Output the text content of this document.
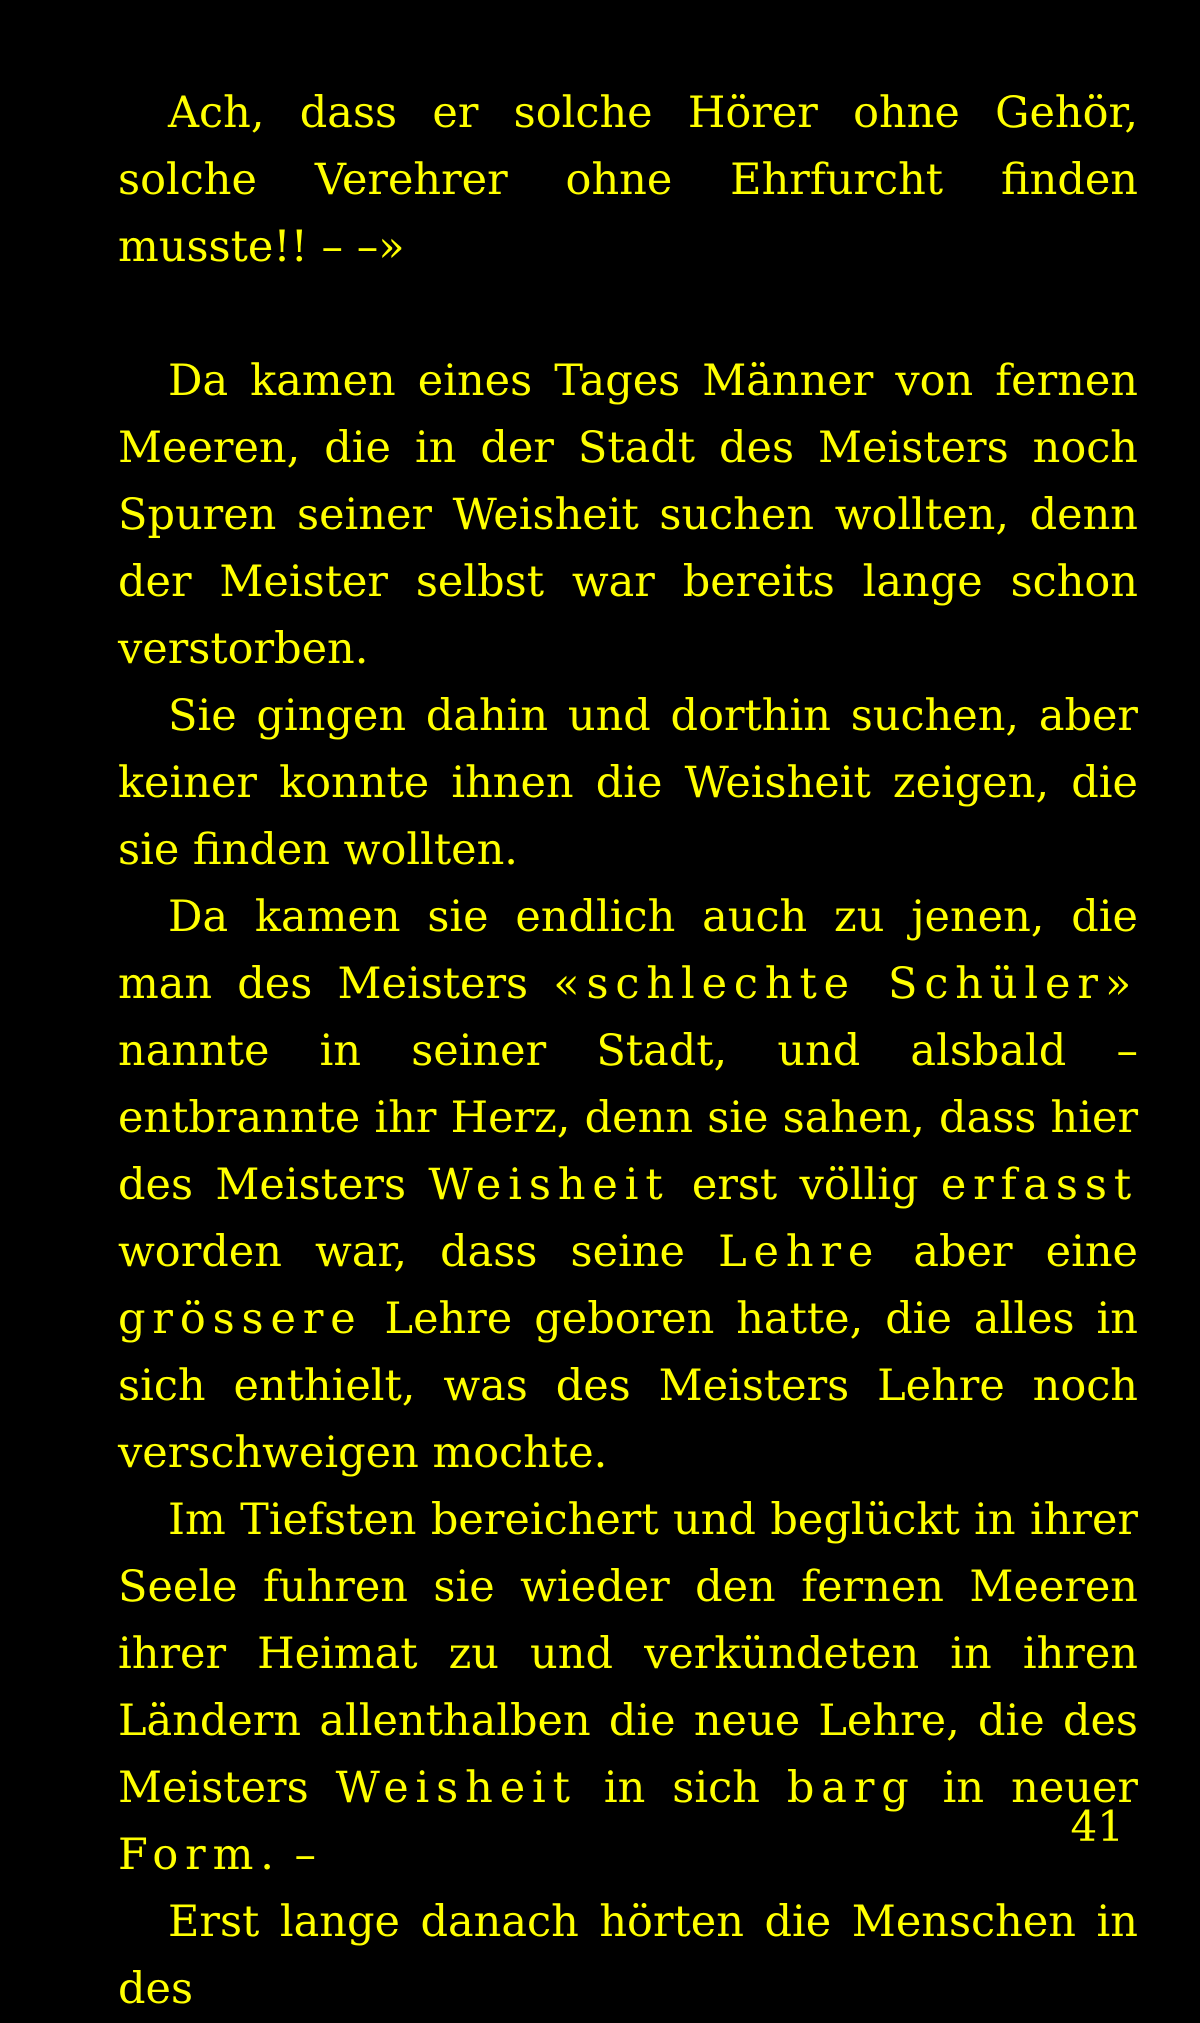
Ach, dass er solche Hörer ohne Gehör, solche Verehrer ohne Ehrfurcht finden musste!! – –»

Da kamen eines Tages Männer von fernen Meeren, die in der Stadt des Meisters noch Spuren seiner Weisheit suchen wollten, denn der Meister selbst war bereits lange schon verstorben.

Sie gingen dahin und dorthin suchen, aber keiner konnte ihnen die Weisheit zeigen, die sie finden wollten.

Da kamen sie endlich auch zu jenen, die man des Meisters «schlechte Schüler» nannte in seiner Stadt, und alsbald – entbrannte ihr Herz, denn sie sahen, dass hier des Meisters Weisheit erst völlig erfasst worden war, dass seine Lehre aber eine grössere Lehre geboren hatte, die alles in sich enthielt, was des Meisters Lehre noch verschweigen mochte.

Im Tiefsten bereichert und beglückt in ihrer Seele fuhren sie wieder den fernen Meeren ihrer Heimat zu und verkündeten in ihren Ländern allenthalben die neue Lehre, die des Meisters Weisheit in sich barg in neuer Form. –

Erst lange danach hörten die Menschen in des

41
